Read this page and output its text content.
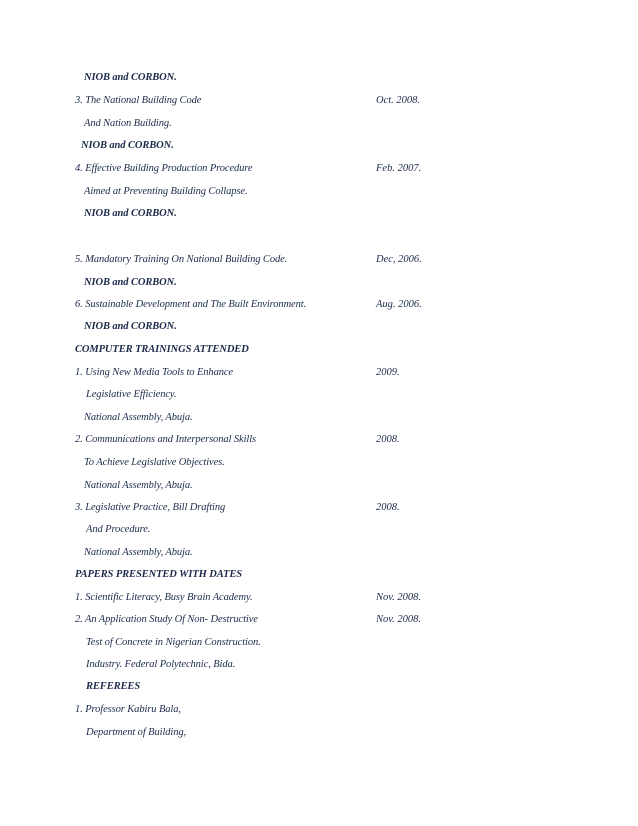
NIOB and CORBON.
3. The National Building Code	Oct. 2008.
And Nation Building.
NIOB and CORBON.
4. Effective Building Production Procedure	Feb. 2007.
Aimed at Preventing Building Collapse.
NIOB and CORBON.
5. Mandatory Training On National Building Code.	Dec, 2006.
NIOB and CORBON.
6. Sustainable Development and The Built Environment.	Aug. 2006.
NIOB and CORBON.
COMPUTER TRAININGS ATTENDED
1. Using New Media Tools to Enhance	2009.
Legislative Efficiency.
National Assembly, Abuja.
2. Communications and Interpersonal Skills	2008.
To Achieve Legislative Objectives.
National Assembly, Abuja.
3. Legislative Practice, Bill Drafting	2008.
And Procedure.
National Assembly, Abuja.
PAPERS PRESENTED WITH DATES
1. Scientific Literacy, Busy Brain Academy.	Nov. 2008.
2. An Application Study Of Non- Destructive	Nov. 2008.
Test of Concrete in Nigerian Construction.
Industry. Federal Polytechnic, Bida.
REFEREES
1. Professor Kabiru Bala,
Department of Building,
